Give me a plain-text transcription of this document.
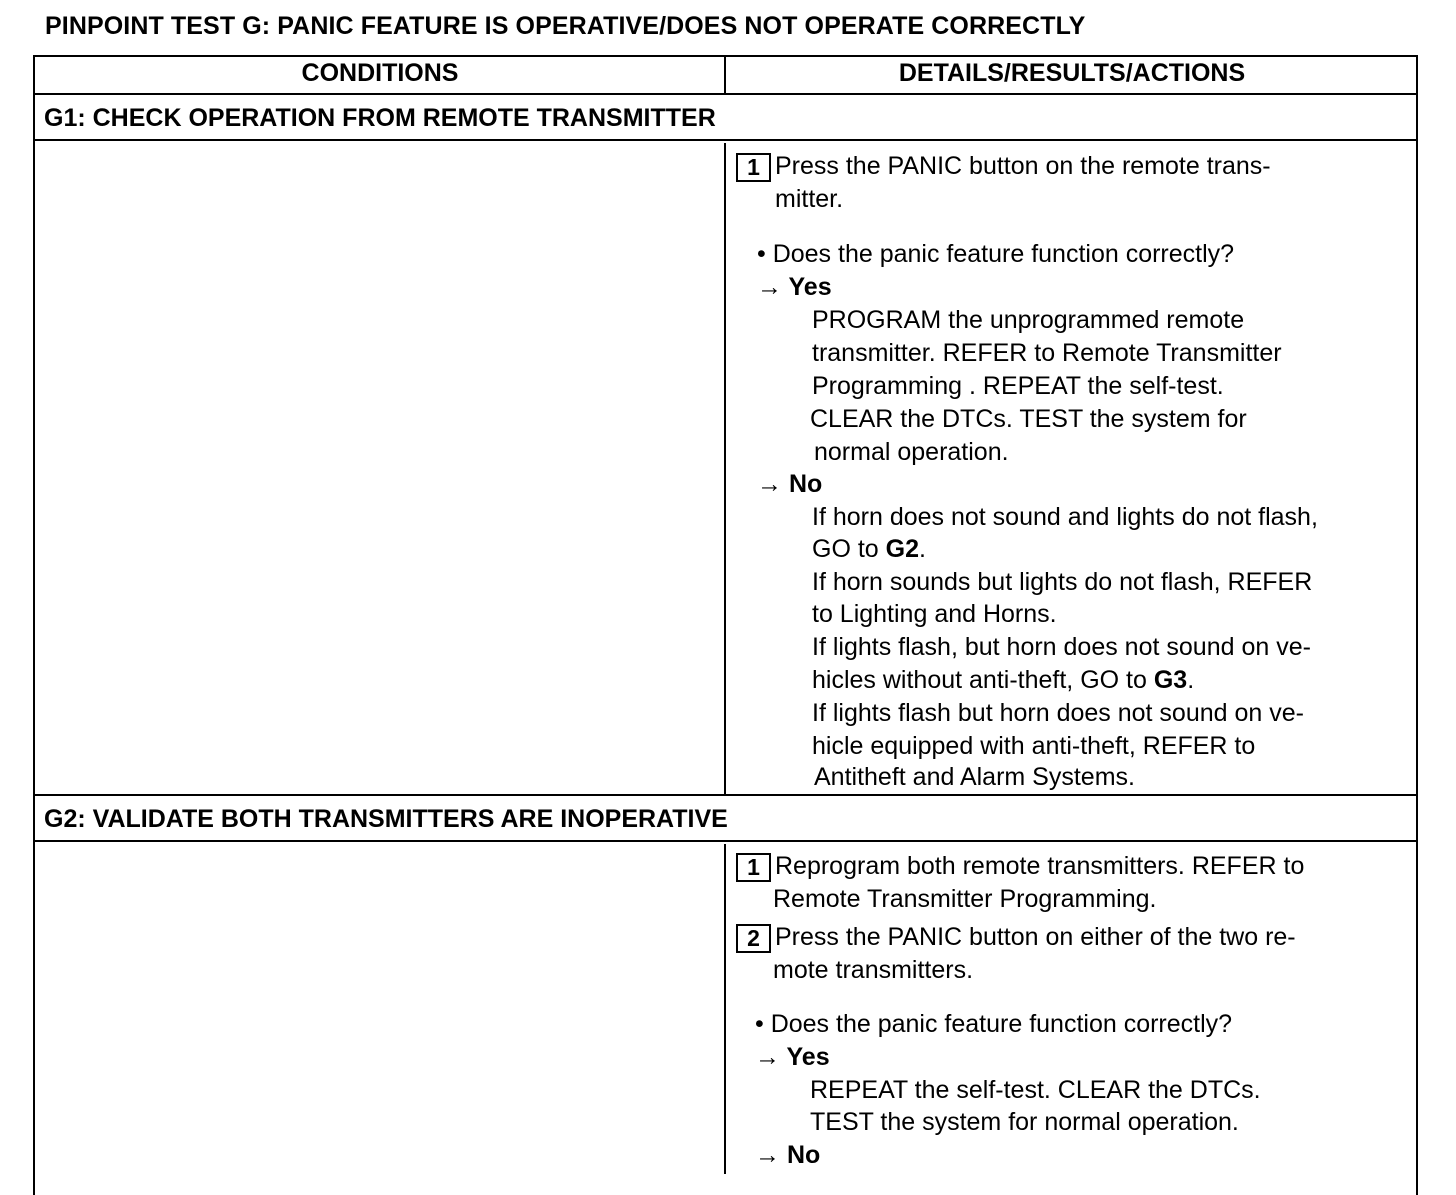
PINPOINT TEST G: PANIC FEATURE IS OPERATIVE/DOES NOT OPERATE CORRECTLY
CONDITIONS	DETAILS/RESULTS/ACTIONS
G1: CHECK OPERATION FROM REMOTE TRANSMITTER
1 Press the PANIC button on the remote trans-
mitter.
• Does the panic feature function correctly?
→ Yes
PROGRAM the unprogrammed remote
transmitter. REFER to Remote Transmitter
Programming . REPEAT the self-test.
CLEAR the DTCs. TEST the system for
normal operation.
→ No
If horn does not sound and lights do not flash,
GO to G2.
If horn sounds but lights do not flash, REFER
to Lighting and Horns.
If lights flash, but horn does not sound on ve-
hicles without anti-theft, GO to G3.
If lights flash but horn does not sound on ve-
hicle equipped with anti-theft, REFER to
Antitheft and Alarm Systems.
G2: VALIDATE BOTH TRANSMITTERS ARE INOPERATIVE
1 Reprogram both remote transmitters. REFER to
Remote Transmitter Programming.
2 Press the PANIC button on either of the two re-
mote transmitters.
• Does the panic feature function correctly?
→ Yes
REPEAT the self-test. CLEAR the DTCs.
TEST the system for normal operation.
→ No
